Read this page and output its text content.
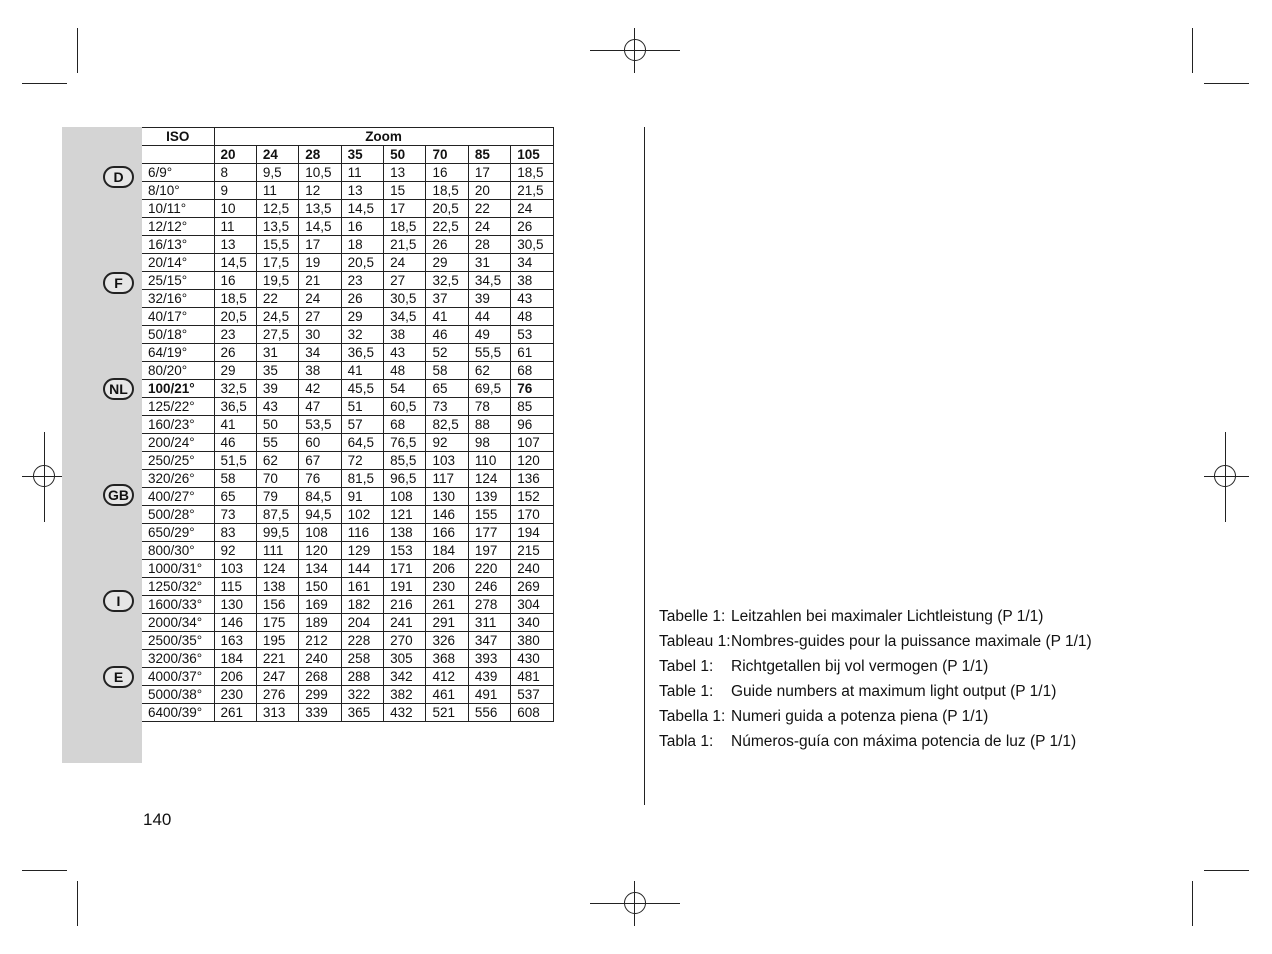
D
F
NL
GB
I
E
ISO	Zoom							
	20	24	28	35	50	70	85	105
6/9°	8	9,5	10,5	11	13	16	17	18,5
8/10°	9	11	12	13	15	18,5	20	21,5
10/11°	10	12,5	13,5	14,5	17	20,5	22	24
12/12°	11	13,5	14,5	16	18,5	22,5	24	26
16/13°	13	15,5	17	18	21,5	26	28	30,5
20/14°	14,5	17,5	19	20,5	24	29	31	34
25/15°	16	19,5	21	23	27	32,5	34,5	38
32/16°	18,5	22	24	26	30,5	37	39	43
40/17°	20,5	24,5	27	29	34,5	41	44	48
50/18°	23	27,5	30	32	38	46	49	53
64/19°	26	31	34	36,5	43	52	55,5	61
80/20°	29	35	38	41	48	58	62	68
100/21°	32,5	39	42	45,5	54	65	69,5	76
125/22°	36,5	43	47	51	60,5	73	78	85
160/23°	41	50	53,5	57	68	82,5	88	96
200/24°	46	55	60	64,5	76,5	92	98	107
250/25°	51,5	62	67	72	85,5	103	110	120
320/26°	58	70	76	81,5	96,5	117	124	136
400/27°	65	79	84,5	91	108	130	139	152
500/28°	73	87,5	94,5	102	121	146	155	170
650/29°	83	99,5	108	116	138	166	177	194
800/30°	92	111	120	129	153	184	197	215
1000/31°	103	124	134	144	171	206	220	240
1250/32°	115	138	150	161	191	230	246	269
1600/33°	130	156	169	182	216	261	278	304
2000/34°	146	175	189	204	241	291	311	340
2500/35°	163	195	212	228	270	326	347	380
3200/36°	184	221	240	258	305	368	393	430
4000/37°	206	247	268	288	342	412	439	481
5000/38°	230	276	299	322	382	461	491	537
6400/39°	261	313	339	365	432	521	556	608
140
Tabelle 1: Leitzahlen bei maximaler Lichtleistung (P 1/1)
Tableau 1:Nombres-guides pour la puissance maximale (P 1/1)
Tabel 1: Richtgetallen bij vol vermogen (P 1/1)
Table 1: Guide numbers at maximum light output (P 1/1)
Tabella 1: Numeri guida a potenza piena (P 1/1)
Tabla 1: Números-guía con máxima potencia de luz (P 1/1)
